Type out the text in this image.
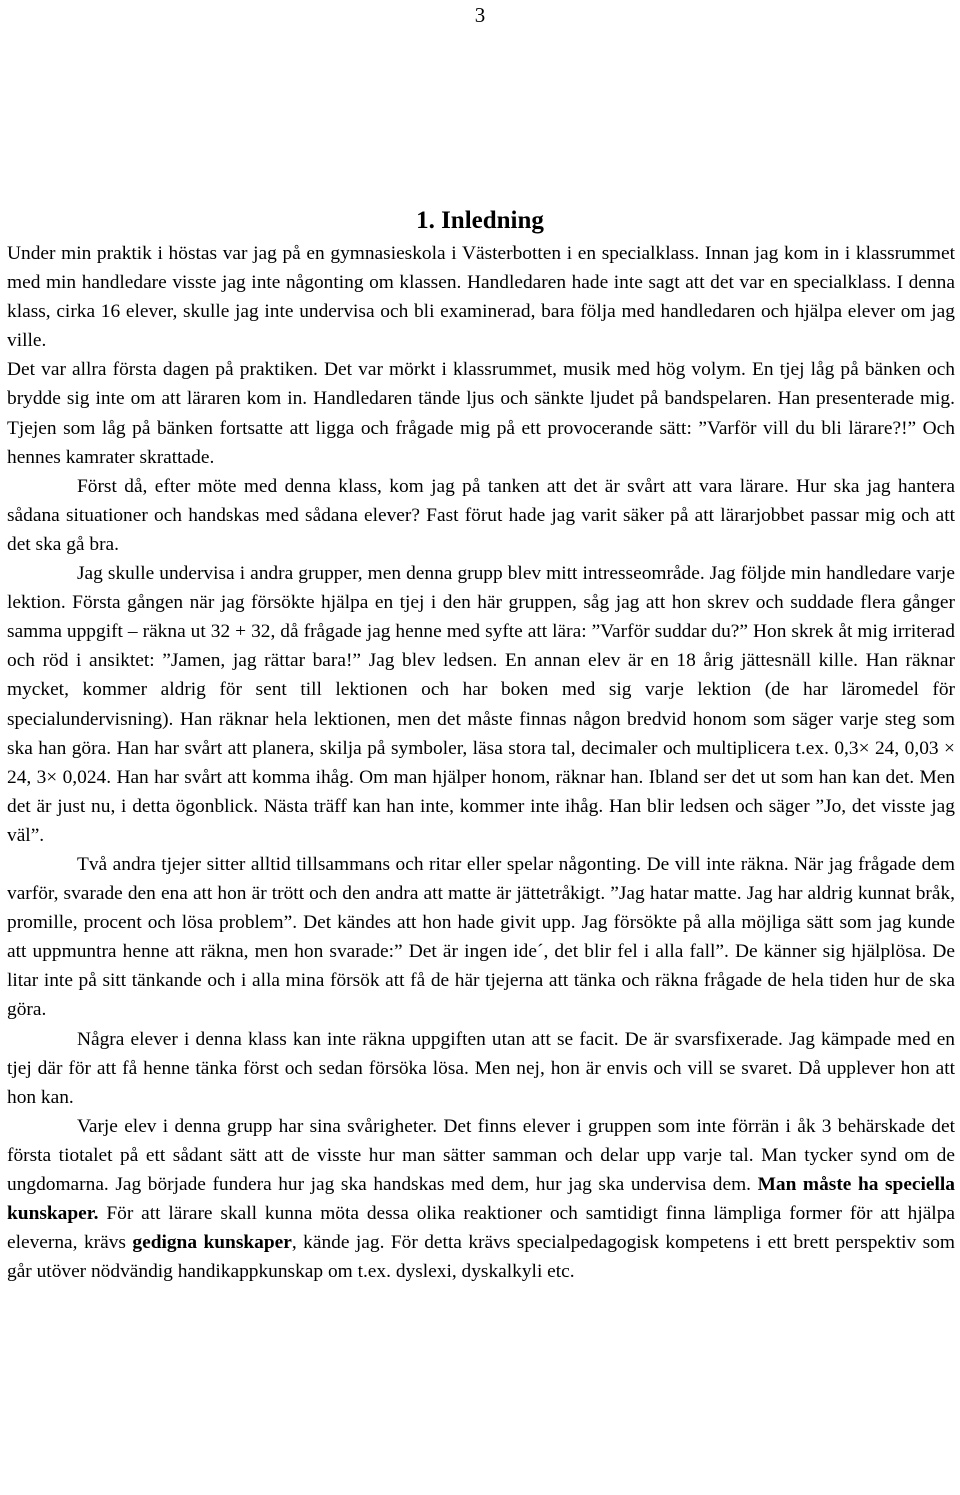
3
1. Inledning

Under min praktik i höstas var jag på en gymnasieskola i Västerbotten i en specialklass. Innan jag kom in i klassrummet med min handledare visste jag inte någonting om klassen. Handledaren hade inte sagt att det var en specialklass. I denna klass, cirka 16 elever, skulle jag inte undervisa och bli examinerad, bara följa med handledaren och hjälpa elever om jag ville.
Det var allra första dagen på praktiken. Det var mörkt i klassrummet, musik med hög volym. En tjej låg på bänken och brydde sig inte om att läraren kom in. Handledaren tände ljus och sänkte ljudet på bandspelaren. Han presenterade mig. Tjejen som låg på bänken fortsatte att ligga och frågade mig på ett provocerande sätt: ”Varför vill du bli lärare?!” Och hennes kamrater skrattade.

Först då, efter möte med denna klass, kom jag på tanken att det är svårt att vara lärare. Hur ska jag hantera sådana situationer och handskas med sådana elever? Fast förut hade jag varit säker på att lärarjobbet passar mig och att det ska gå bra.

Jag skulle undervisa i andra grupper, men denna grupp blev mitt intresseområde. Jag följde min handledare varje lektion. Första gången när jag försökte hjälpa en tjej i den här gruppen, såg jag att hon skrev och suddade flera gånger samma uppgift – räkna ut 32 + 32, då frågade jag henne med syfte att lära: ”Varför suddar du?” Hon skrek åt mig irriterad och röd i ansiktet: ”Jamen, jag rättar bara!” Jag blev ledsen. En annan elev är en 18 årig jättesnäll kille. Han räknar mycket, kommer aldrig för sent till lektionen och har boken med sig varje lektion (de har läromedel för specialundervisning). Han räknar hela lektionen, men det måste finnas någon bredvid honom som säger varje steg som ska han göra. Han har svårt att planera, skilja på symboler, läsa stora tal, decimaler och multiplicera t.ex. 0,3× 24, 0,03 × 24, 3× 0,024. Han har svårt att komma ihåg. Om man hjälper honom, räknar han. Ibland ser det ut som han kan det. Men det är just nu, i detta ögonblick. Nästa träff kan han inte, kommer inte ihåg. Han blir ledsen och säger ”Jo, det visste jag väl”.

Två andra tjejer sitter alltid tillsammans och ritar eller spelar någonting. De vill inte räkna. När jag frågade dem varför, svarade den ena att hon är trött och den andra att matte är jättetråkigt. ”Jag hatar matte. Jag har aldrig kunnat bråk, promille, procent och lösa problem”. Det kändes att hon hade givit upp. Jag försökte på alla möjliga sätt som jag kunde att uppmuntra henne att räkna, men hon svarade:” Det är ingen ide´, det blir fel i alla fall”. De känner sig hjälplösa. De litar inte på sitt tänkande och i alla mina försök att få de här tjejerna att tänka och räkna frågade de hela tiden hur de ska göra.

Några elever i denna klass kan inte räkna uppgiften utan att se facit. De är svarsfixerade. Jag kämpade med en tjej där för att få henne tänka först och sedan försöka lösa. Men nej, hon är envis och vill se svaret. Då upplever hon att hon kan.

Varje elev i denna grupp har sina svårigheter. Det finns elever i gruppen som inte förrän i åk 3 behärskade det första tiotalet på ett sådant sätt att de visste hur man sätter samman och delar upp varje tal. Man tycker synd om de ungdomarna. Jag började fundera hur jag ska handskas med dem, hur jag ska undervisa dem. Man måste ha speciella kunskaper. För att lärare skall kunna möta dessa olika reaktioner och samtidigt finna lämpliga former för att hjälpa eleverna, krävs gedigna kunskaper, kände jag. För detta krävs specialpedagogisk kompetens i ett brett perspektiv som går utöver nödvändig handikappkunskap om t.ex. dyslexi, dyskalkyli etc.
